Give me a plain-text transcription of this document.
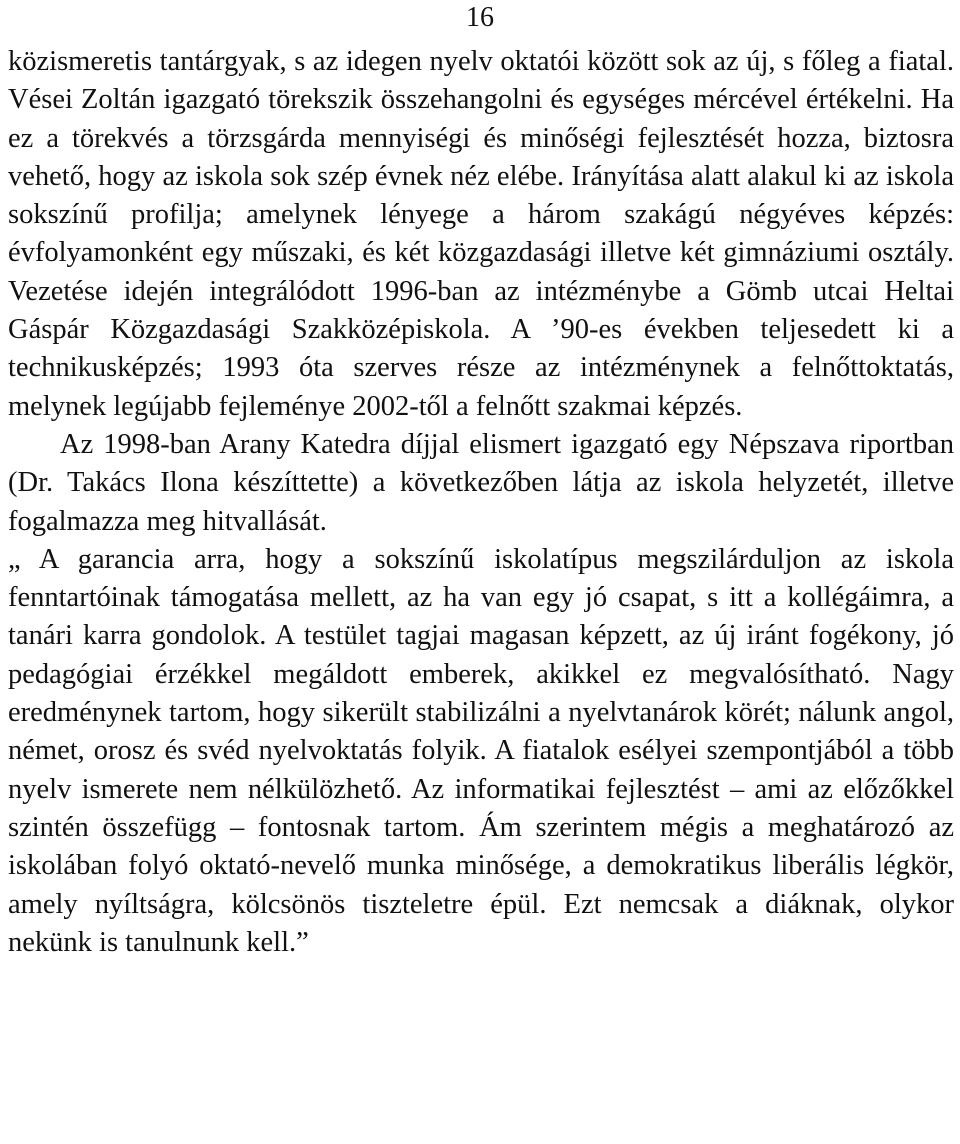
16

közismeretis tantárgyak, s az idegen nyelv oktatói között sok az új, s főleg a fiatal. Vései Zoltán igazgató törekszik összehangolni és egységes mércével értékelni. Ha ez a törekvés a törzsgárda mennyiségi és minőségi fejlesztését hozza, biztosra vehető, hogy az iskola sok szép évnek néz elébe. Irányítása alatt alakul ki az iskola sokszínű profilja; amelynek lényege a három szakágú négyéves képzés: évfolyamonként egy műszaki, és két közgazdasági illetve két gimnáziumi osztály. Vezetése idején integrálódott 1996-ban az intézménybe a Gömb utcai Heltai Gáspár Közgazdasági Szakközépiskola. A ’90-es években teljesedett ki a technikusképzés; 1993 óta szerves része az intézménynek a felnőttoktatás, melynek legújabb fejleménye 2002-től a felnőtt szakmai képzés.

Az 1998-ban Arany Katedra díjjal elismert igazgató egy Népszava riportban (Dr. Takács Ilona készíttette) a következőben látja az iskola helyzetét, illetve fogalmazza meg hitvallását.

„ A garancia arra, hogy a sokszínű iskolatípus megszilárduljon az iskola fenntartóinak támogatása mellett, az ha van egy jó csapat, s itt a kollégáimra, a tanári karra gondolok. A testület tagjai magasan képzett, az új iránt fogékony, jó pedagógiai érzékkel megáldott emberek, akikkel ez megvalósítható. Nagy eredménynek tartom, hogy sikerült stabilizálni a nyelvtanárok körét; nálunk angol, német, orosz és svéd nyelvoktatás folyik. A fiatalok esélyei szempontjából a több nyelv ismerete nem nélkülözhető. Az informatikai fejlesztést – ami az előzőkkel szintén összefügg – fontosnak tartom. Ám szerintem mégis a meghatározó az iskolában folyó oktató-nevelő munka minősége, a demokratikus liberális légkör, amely nyíltságra, kölcsönös tiszteletre épül. Ezt nemcsak a diáknak, olykor nekünk is tanulnunk kell.”
